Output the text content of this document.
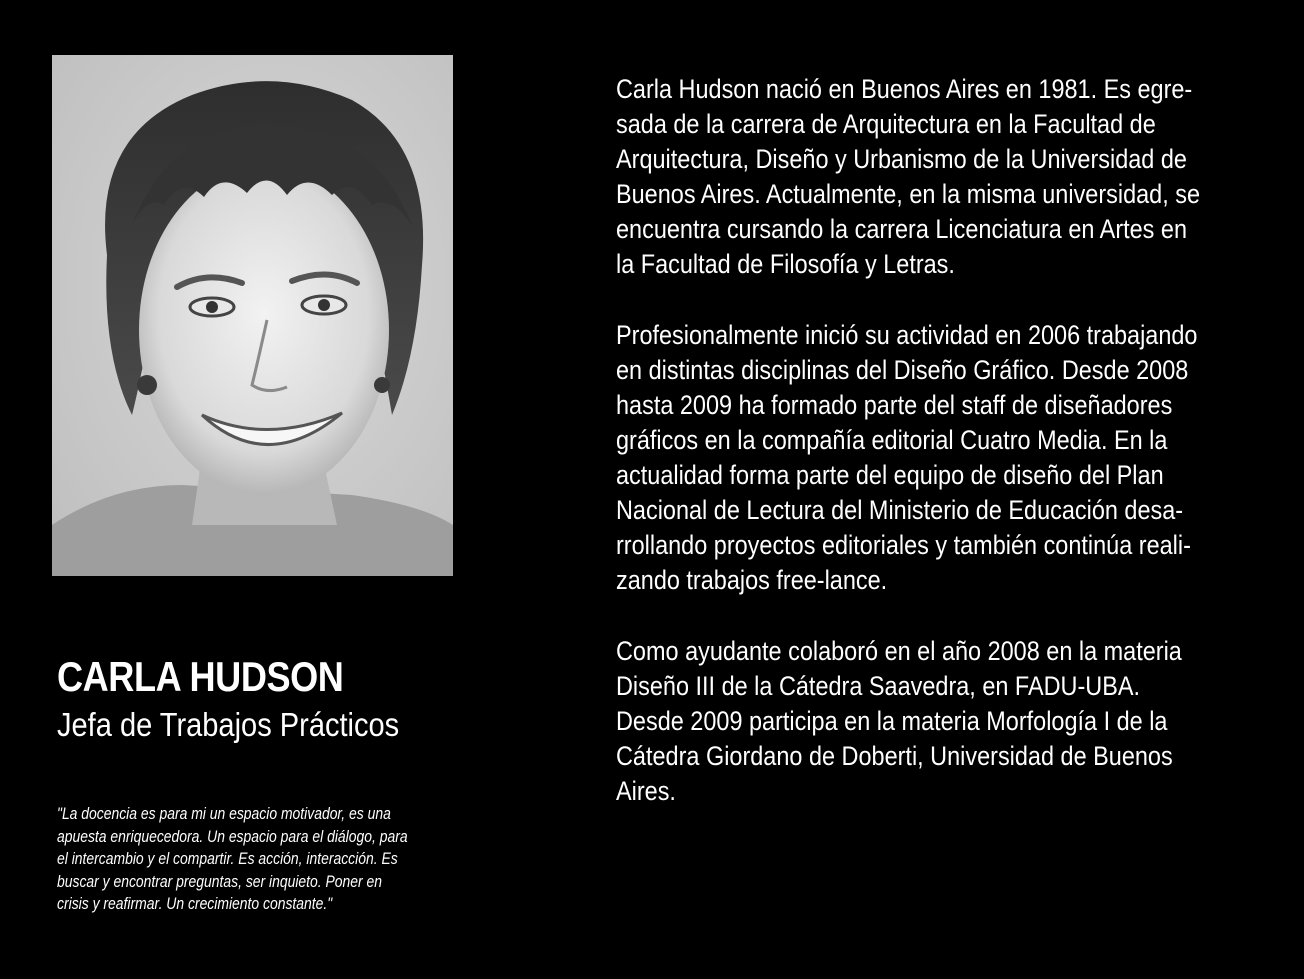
CARLA HUDSON
Jefa de Trabajos Prácticos
"La docencia es para mi un espacio motivador, es una
apuesta enriquecedora. Un espacio para el diálogo, para
el intercambio y el compartir. Es acción, interacción. Es
buscar y encontrar preguntas, ser inquieto. Poner en
crisis y reafirmar. Un crecimiento constante."
Carla Hudson nació en Buenos Aires en 1981. Es egre-
sada de la carrera de Arquitectura en la Facultad de
Arquitectura, Diseño y Urbanismo de la Universidad de
Buenos Aires. Actualmente, en la misma universidad, se
encuentra cursando la carrera Licenciatura en Artes en
la Facultad de Filosofía y Letras.
Profesionalmente inició su actividad en 2006 trabajando
en distintas disciplinas del Diseño Gráfico. Desde 2008
hasta 2009 ha formado parte del staff de diseñadores
gráficos en la compañía editorial Cuatro Media. En la
actualidad forma parte del equipo de diseño del Plan
Nacional de Lectura del Ministerio de Educación desa-
rrollando proyectos editoriales y también continúa reali-
zando trabajos free-lance.
Como ayudante colaboró en el año 2008 en la materia
Diseño III de la Cátedra Saavedra, en FADU-UBA.
Desde 2009 participa en la materia Morfología I de la
Cátedra Giordano de Doberti, Universidad de Buenos
Aires.
